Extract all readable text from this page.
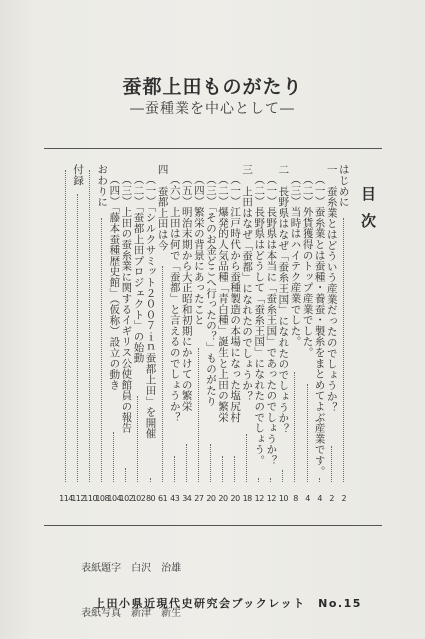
蚕都上田ものがたり
―蚕種業を中心として―
目次
はじめに
2
一　蚕糸業とはどういう産業だったのでしょうか？
2
（一）蚕糸業とは蚕種・養蚕・製糸をまとめてよぶ産業です。
4
（二）外貨獲得のトップ産業でした。
4
（三）当時はハイテク産業でした。
8
二　長野県はなぜ「蚕糸王国」になれたのでしょうか？
10
（一）長野県は本当に「蚕糸王国」であったのでしょうか？
12
（二）長野県はどうして「蚕糸王国」になれたのでしょう。
12
三　上田はなぜ「蚕都」になれたのでしょうか？
18
（一）江戸時代から蚕種製造の本場になった塩尻村
20
（二）爆発的人気品種「青白種」誕生と上田の繁栄
20
（三）「そのお金どこへ行ったの？」ものがたり
20
（四）繁栄の背景にあったこと
27
（五）明治末期から大正昭和初期にかけての繁栄
34
（六）上田は何で「蚕都」と言えるのでしょうか？
43
四　蚕都上田は今
61
（一）「シルクサミット２００７ｉｎ蚕都上田」を開催
80
（二）「蚕都上田プロジェクト」の始動
102
（三）上田の蚕糸業に関するイギリス公使館員の報告
102
（四）「藤本蚕種歴史館」（仮称）設立の動き
104
おわりに
108
110
付録
112
114

表紙題字　 白沢　治雄

表紙写真　 新津　新生

上田小県近現代史研究会ブックレット　 No.15
